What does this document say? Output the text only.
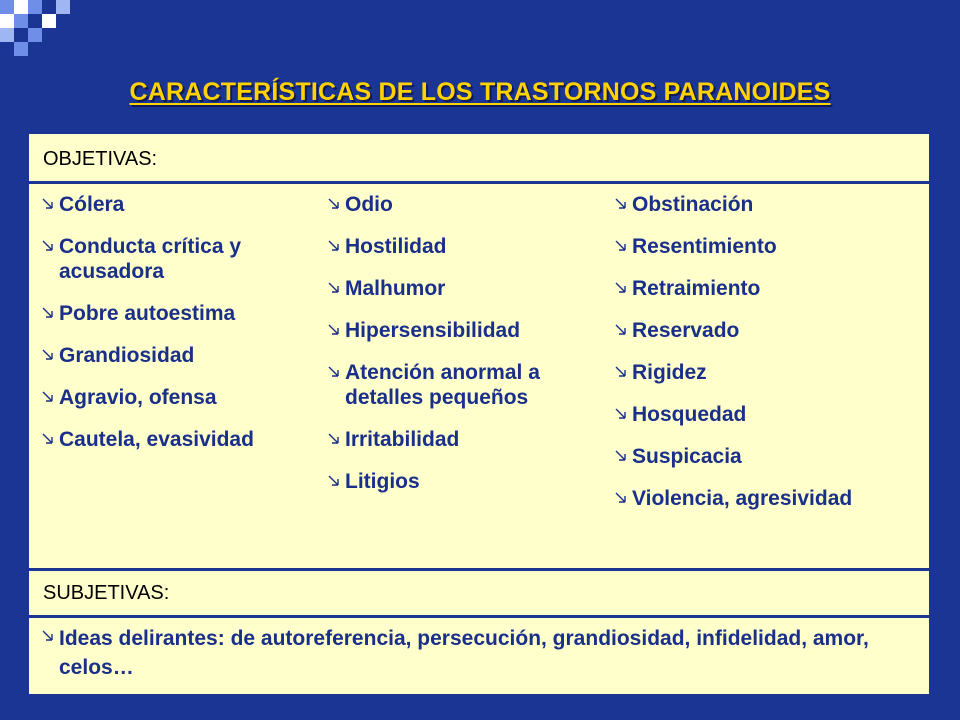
CARACTERÍSTICAS DE LOS TRASTORNOS PARANOIDES
OBJETIVAS:
Cólera
Conducta crítica y acusadora
Pobre autoestima
Grandiosidad
Agravio, ofensa
Cautela, evasividad
Odio
Hostilidad
Malhumor
Hipersensibilidad
Atención anormal a detalles pequeños
Irritabilidad
Litigios
Obstinación
Resentimiento
Retraimiento
Reservado
Rigidez
Hosquedad
Suspicacia
Violencia, agresividad
SUBJETIVAS:
Ideas delirantes: de autoreferencia, persecución, grandiosidad, infidelidad, amor, celos…
